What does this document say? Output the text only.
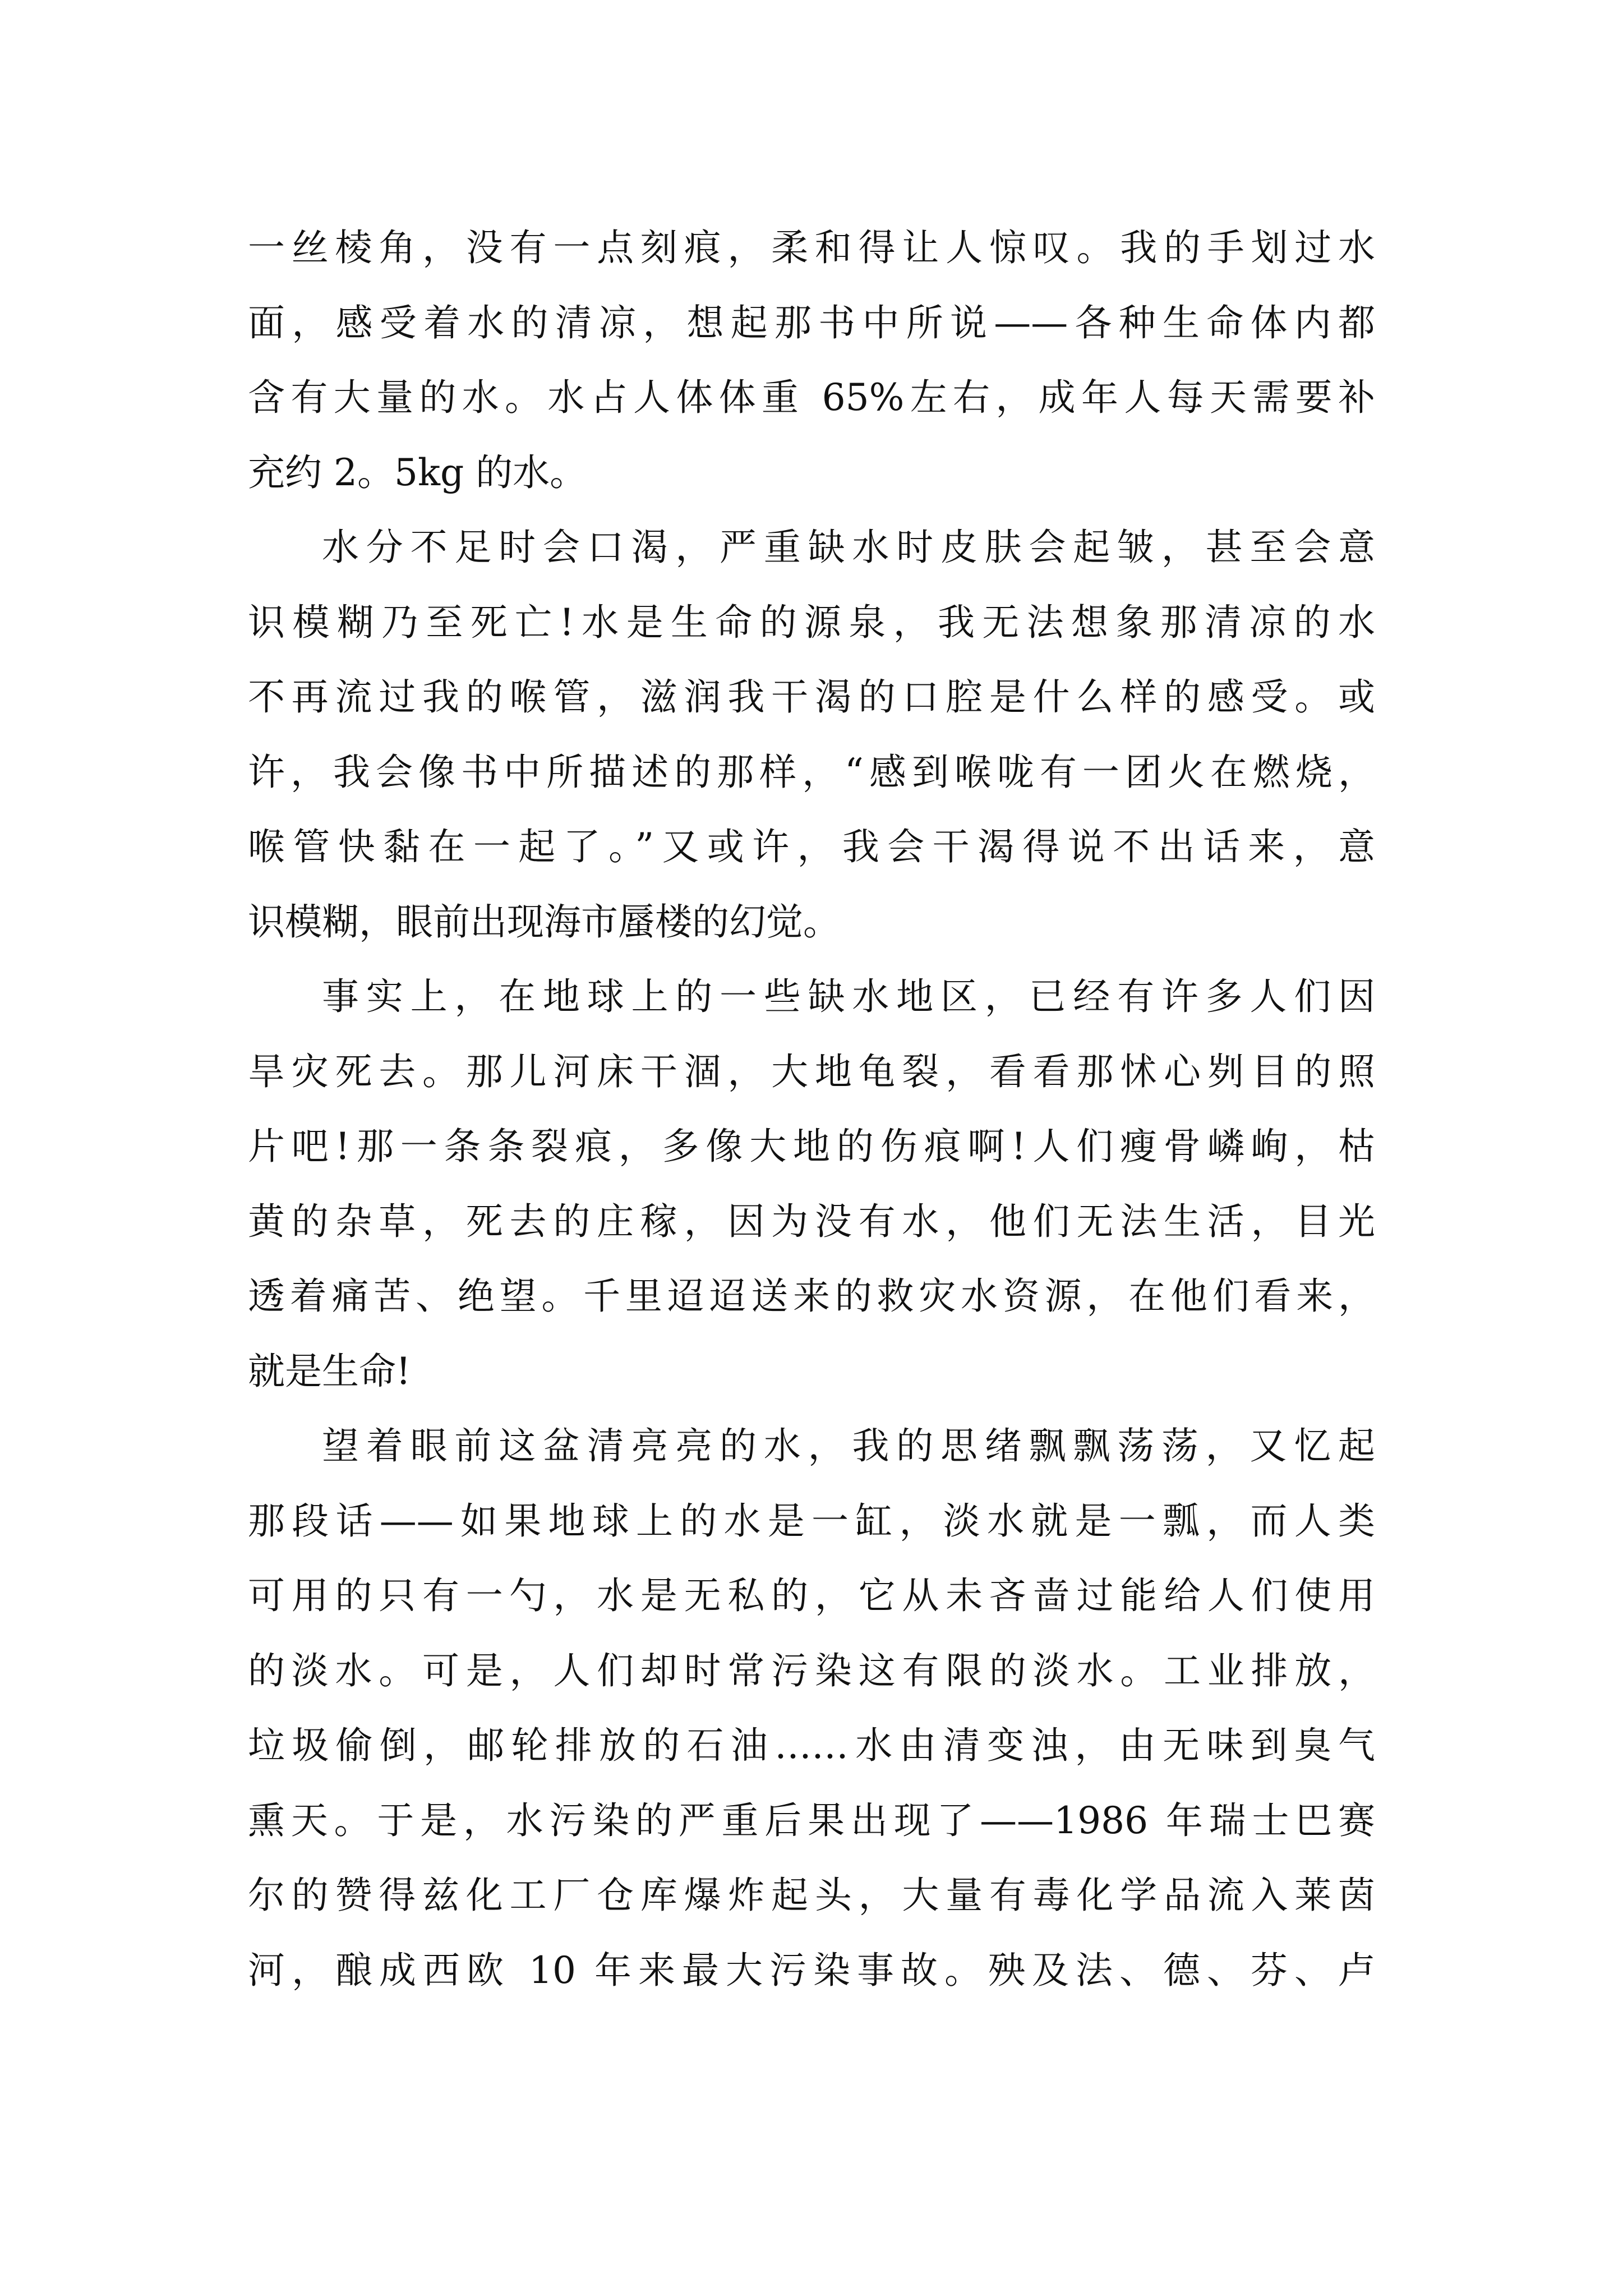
一丝棱角，没有一点刻痕，柔和得让人惊叹。我的手划过水
面，感受着水的清凉，想起那书中所说——各种生命体内都
含有大量的水。水占人体体重 65%左右，成年人每天需要补
充约 2。5kg 的水。
水分不足时会口渴，严重缺水时皮肤会起皱，甚至会意
识模糊乃至死亡!水是生命的源泉，我无法想象那清凉的水
不再流过我的喉管，滋润我干渴的口腔是什么样的感受。或
许，我会像书中所描述的那样，“感到喉咙有一团火在燃烧，
喉管快黏在一起了。”又或许，我会干渴得说不出话来，意
识模糊，眼前出现海市蜃楼的幻觉。
事实上，在地球上的一些缺水地区，已经有许多人们因
旱灾死去。那儿河床干涸，大地龟裂，看看那怵心刿目的照
片吧!那一条条裂痕，多像大地的伤痕啊!人们瘦骨嶙峋，枯
黄的杂草，死去的庄稼，因为没有水，他们无法生活，目光
透着痛苦、绝望。千里迢迢送来的救灾水资源，在他们看来，
就是生命!
望着眼前这盆清亮亮的水，我的思绪飘飘荡荡，又忆起
那段话——如果地球上的水是一缸，淡水就是一瓢，而人类
可用的只有一勺，水是无私的，它从未吝啬过能给人们使用
的淡水。可是，人们却时常污染这有限的淡水。工业排放，
垃圾偷倒，邮轮排放的石油……水由清变浊，由无味到臭气
熏天。于是，水污染的严重后果出现了——1986 年瑞士巴赛
尔的赞得兹化工厂仓库爆炸起头，大量有毒化学品流入莱茵
河，酿成西欧 10 年来最大污染事故。殃及法、德、芬、卢
